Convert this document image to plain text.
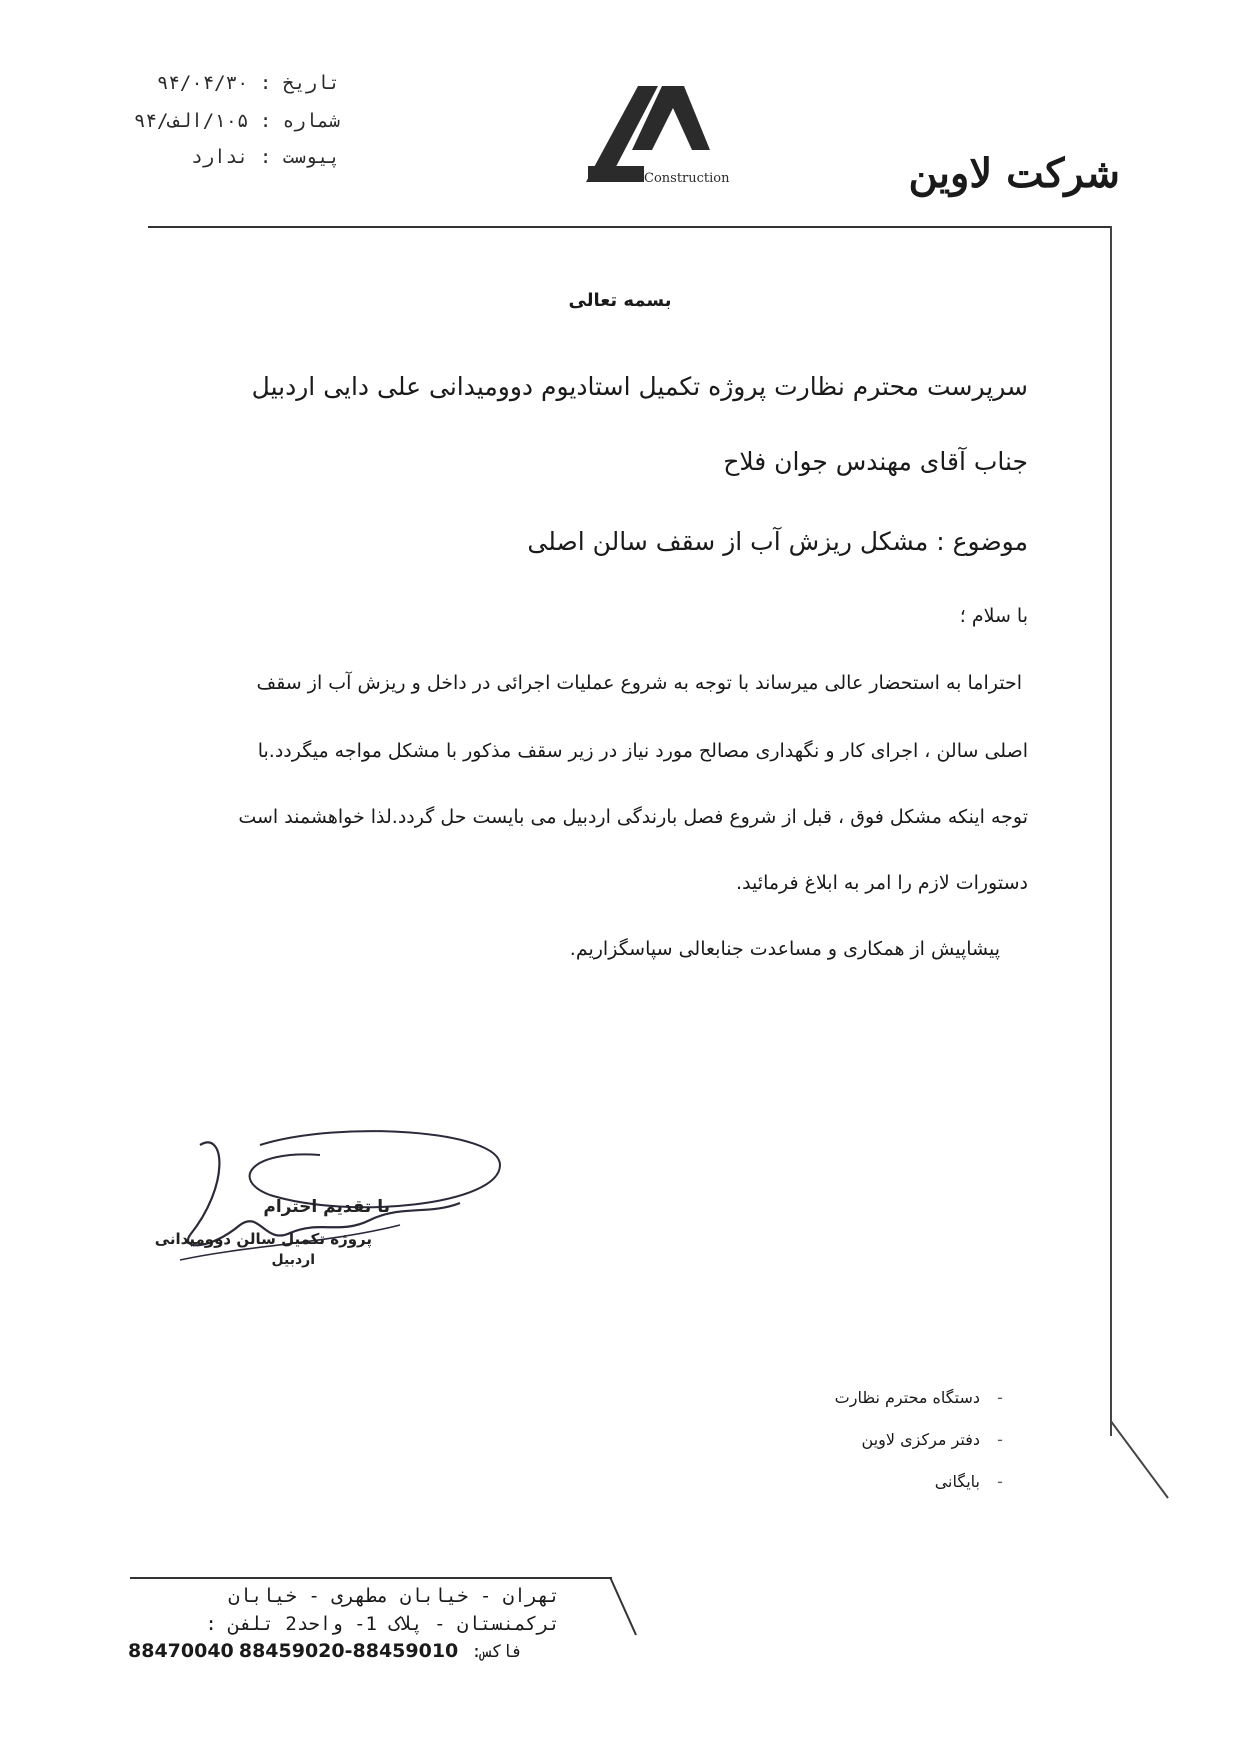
تاریخ : ۹۴/۰۴/۳۰
شماره : ۱۰۵/الف/۹۴
پیوست : ندارد
Construction	شرکت لاوین
بسمه تعالی
سرپرست محترم نظارت پروژه تکمیل استادیوم دوومیدانی علی دایی اردبیل
جناب آقای مهندس جوان فلاح
موضوع : مشکل ریزش آب از سقف سالن اصلی
با سلام ؛
احتراما به استحضار عالی میرساند با توجه به شروع عملیات اجرائی در داخل و ریزش آب از سقف
اصلی سالن ، اجرای کار و نگهداری مصالح مورد نیاز در زیر سقف مذکور با مشکل مواجه میگردد.با
توجه اینکه مشکل فوق ، قبل از شروع فصل بارندگی اردبیل می بایست حل گردد.لذا خواهشمند است
دستورات لازم را امر به ابلاغ فرمائید.
پیشاپیش از همکاری و مساعدت جنابعالی سپاسگزاریم.
با تقدیم احترام
پروژه تکمیل سالن دوومیدانی
اردبیل
-دستگاه محترم نظارت
-دفتر مرکزی لاوین
-بایگانی
تهران - خیابان مطهری - خیابان
ترکمنستان - پلاک 1- واحد2 تلفن :
88470040	فاکس: 88459010-88459020
